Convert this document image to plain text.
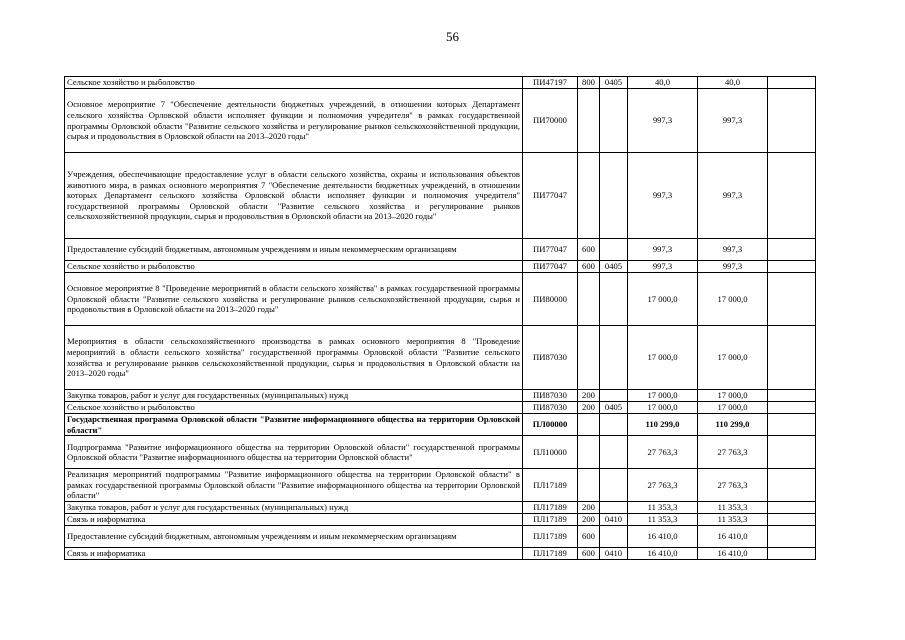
56
Сельское хозяйство и рыболовство	ПИ47197	800	0405	40,0	40,0	
Основное мероприятие 7 "Обеспечение деятельности бюджетных учреждений, в отношении которых Департамент сельского хозяйства Орловской области исполняет функции и полномочия учредителя" в рамках государственной программы Орловской области "Развитие сельского хозяйства и регулирование рынков сельскохозяйственной продукции, сырья и продовольствия в Орловской области на 2013–2020 годы"	ПИ70000			997,3	997,3	
Учреждения, обеспечивающие предоставление услуг в области сельского хозяйства, охраны и использования объектов животного мира, в рамках основного мероприятия 7 "Обеспечение деятельности бюджетных учреждений, в отношении которых Департамент сельского хозяйства Орловской области исполняет функции и полномочия учредителя" государственной программы Орловской области "Развитие сельского хозяйства и регулирование рынков сельскохозяйственной продукции, сырья и продовольствия в Орловской области на 2013–2020 годы"	ПИ77047			997,3	997,3	
Предоставление субсидий бюджетным, автономным учреждениям и иным некоммерческим организациям	ПИ77047	600		997,3	997,3	
Сельское хозяйство и рыболовство	ПИ77047	600	0405	997,3	997,3	
Основное мероприятие 8 "Проведение мероприятий в области сельского хозяйства" в рамках государственной программы Орловской области "Развитие сельского хозяйства и регулирование рынков сельскохозяйственной продукции, сырья и продовольствия в Орловской области на 2013–2020 годы"	ПИ80000			17 000,0	17 000,0	
Мероприятия в области сельскохозяйственного производства в рамках основного мероприятия 8 "Проведение мероприятий в области сельского хозяйства" государственной программы Орловской области "Развитие сельского хозяйства и регулирование рынков сельскохозяйственной продукции, сырья и продовольствия в Орловской области на 2013–2020 годы"	ПИ87030			17 000,0	17 000,0	
Закупка товаров, работ и услуг для государственных (муниципальных) нужд	ПИ87030	200		17 000,0	17 000,0	
Сельское хозяйство и рыболовство	ПИ87030	200	0405	17 000,0	17 000,0	
Государственная программа Орловской области "Развитие информационного общества на территории Орловской области"	ПЛ00000			110 299,0	110 299,0	
Подпрограмма "Развитие информационного общества на территории Орловской области" государственной программы Орловской области "Развитие информационного общества на территории Орловской области"	ПЛ10000			27 763,3	27 763,3	
Реализация мероприятий подпрограммы "Развитие информационного общества на территории Орловской области" в рамках государственной программы Орловской области "Развитие информационного общества на территории Орловской области"	ПЛ17189			27 763,3	27 763,3	
Закупка товаров, работ и услуг для государственных (муниципальных) нужд	ПЛ17189	200		11 353,3	11 353,3	
Связь и информатика	ПЛ17189	200	0410	11 353,3	11 353,3	
Предоставление субсидий бюджетным, автономным учреждениям и иным некоммерческим организациям	ПЛ17189	600		16 410,0	16 410,0	
Связь и информатика	ПЛ17189	600	0410	16 410,0	16 410,0	
